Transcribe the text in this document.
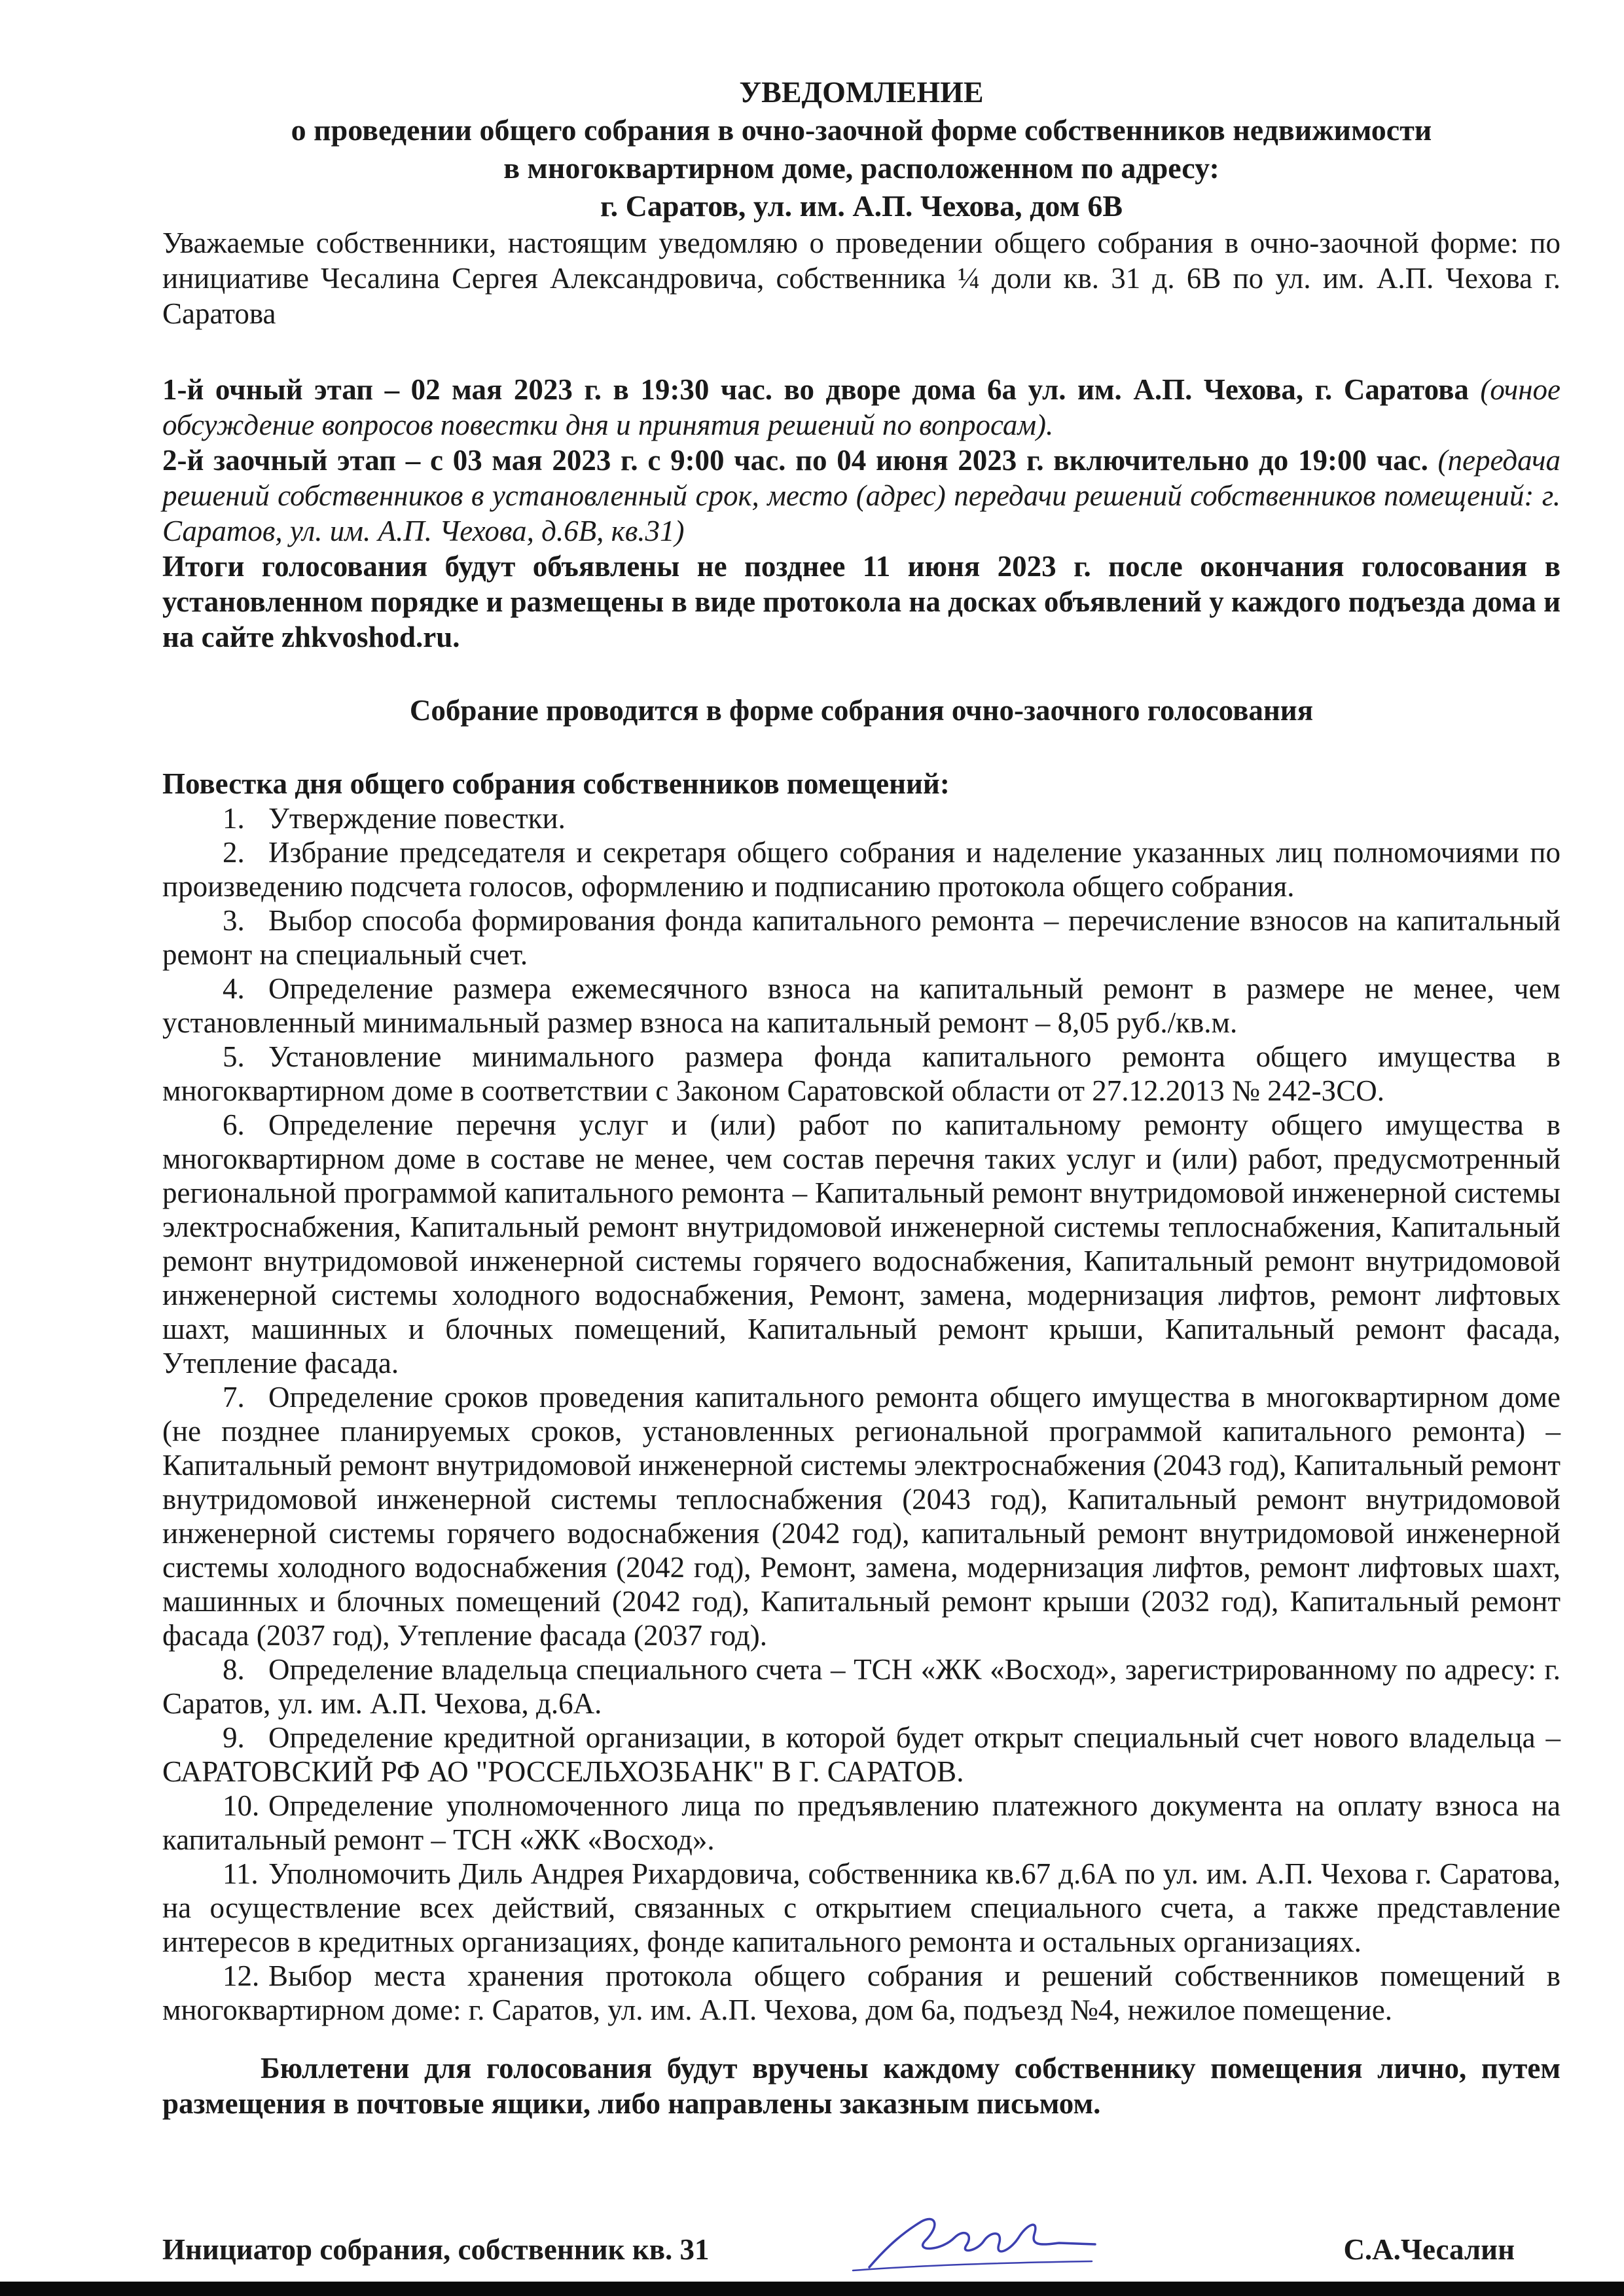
УВЕДОМЛЕНИЕ
о проведении общего собрания в очно-заочной форме собственников недвижимости
в многоквартирном доме, расположенном по адресу:
г. Саратов, ул. им. А.П. Чехова, дом 6В

Уважаемые собственники, настоящим уведомляю о проведении общего собрания в очно-заочной форме: по инициативе Чесалина Сергея Александровича, собственника ¼ доли кв. 31 д. 6В по ул. им. А.П. Чехова г. Саратова

1-й очный этап – 02 мая 2023 г. в 19:30 час. во дворе дома 6а ул. им. А.П. Чехова, г. Саратова (очное обсуждение вопросов повестки дня и принятия решений по вопросам).

2-й заочный этап – с 03 мая 2023 г. с 9:00 час. по 04 июня 2023 г. включительно до 19:00 час. (передача решений собственников в установленный срок, место (адрес) передачи решений собственников помещений: г. Саратов, ул. им. А.П. Чехова, д.6В, кв.31)

Итоги голосования будут объявлены не позднее 11 июня 2023 г. после окончания голосования в установленном порядке и размещены в виде протокола на досках объявлений у каждого подъезда дома и на сайте zhkvoshod.ru.

Собрание проводится в форме собрания очно-заочного голосования

Повестка дня общего собрания собственников помещений:

1. Утверждение повестки.

2. Избрание председателя и секретаря общего собрания и наделение указанных лиц полномочиями по произведению подсчета голосов, оформлению и подписанию протокола общего собрания.

3. Выбор способа формирования фонда капитального ремонта – перечисление взносов на капитальный ремонт на специальный счет.

4. Определение размера ежемесячного взноса на капитальный ремонт в размере не менее, чем установленный минимальный размер взноса на капитальный ремонт – 8,05 руб./кв.м.

5. Установление минимального размера фонда капитального ремонта общего имущества в многоквартирном доме в соответствии с Законом Саратовской области от 27.12.2013 № 242-ЗСО.

6. Определение перечня услуг и (или) работ по капитальному ремонту общего имущества в многоквартирном доме в составе не менее, чем состав перечня таких услуг и (или) работ, предусмотренный региональной программой капитального ремонта – Капитальный ремонт внутридомовой инженерной системы электроснабжения, Капитальный ремонт внутридомовой инженерной системы теплоснабжения, Капитальный ремонт внутридомовой инженерной системы горячего водоснабжения, Капитальный ремонт внутридомовой инженерной системы холодного водоснабжения, Ремонт, замена, модернизация лифтов, ремонт лифтовых шахт, машинных и блочных помещений, Капитальный ремонт крыши, Капитальный ремонт фасада, Утепление фасада.

7. Определение сроков проведения капитального ремонта общего имущества в многоквартирном доме (не позднее планируемых сроков, установленных региональной программой капитального ремонта) – Капитальный ремонт внутридомовой инженерной системы электроснабжения (2043 год), Капитальный ремонт внутридомовой инженерной системы теплоснабжения (2043 год), Капитальный ремонт внутридомовой инженерной системы горячего водоснабжения (2042 год), капитальный ремонт внутридомовой инженерной системы холодного водоснабжения (2042 год), Ремонт, замена, модернизация лифтов, ремонт лифтовых шахт, машинных и блочных помещений (2042 год), Капитальный ремонт крыши (2032 год), Капитальный ремонт фасада (2037 год), Утепление фасада (2037 год).

8. Определение владельца специального счета – ТСН «ЖК «Восход», зарегистрированному по адресу: г. Саратов, ул. им. А.П. Чехова, д.6А.

9. Определение кредитной организации, в которой будет открыт специальный счет нового владельца – САРАТОВСКИЙ РФ АО "РОССЕЛЬХОЗБАНК" В Г. САРАТОВ.

10. Определение уполномоченного лица по предъявлению платежного документа на оплату взноса на капитальный ремонт – ТСН «ЖК «Восход».

11. Уполномочить Диль Андрея Рихардовича, собственника кв.67 д.6А по ул. им. А.П. Чехова г. Саратова, на осуществление всех действий, связанных с открытием специального счета, а также представление интересов в кредитных организациях, фонде капитального ремонта и остальных организациях.

12. Выбор места хранения протокола общего собрания и решений собственников помещений в многоквартирном доме: г. Саратов, ул. им. А.П. Чехова, дом 6а, подъезд №4, нежилое помещение.

Бюллетени для голосования будут вручены каждому собственнику помещения лично, путем размещения в почтовые ящики, либо направлены заказным письмом.

Инициатор собрания, собственник кв. 31	С.А.Чесалин
